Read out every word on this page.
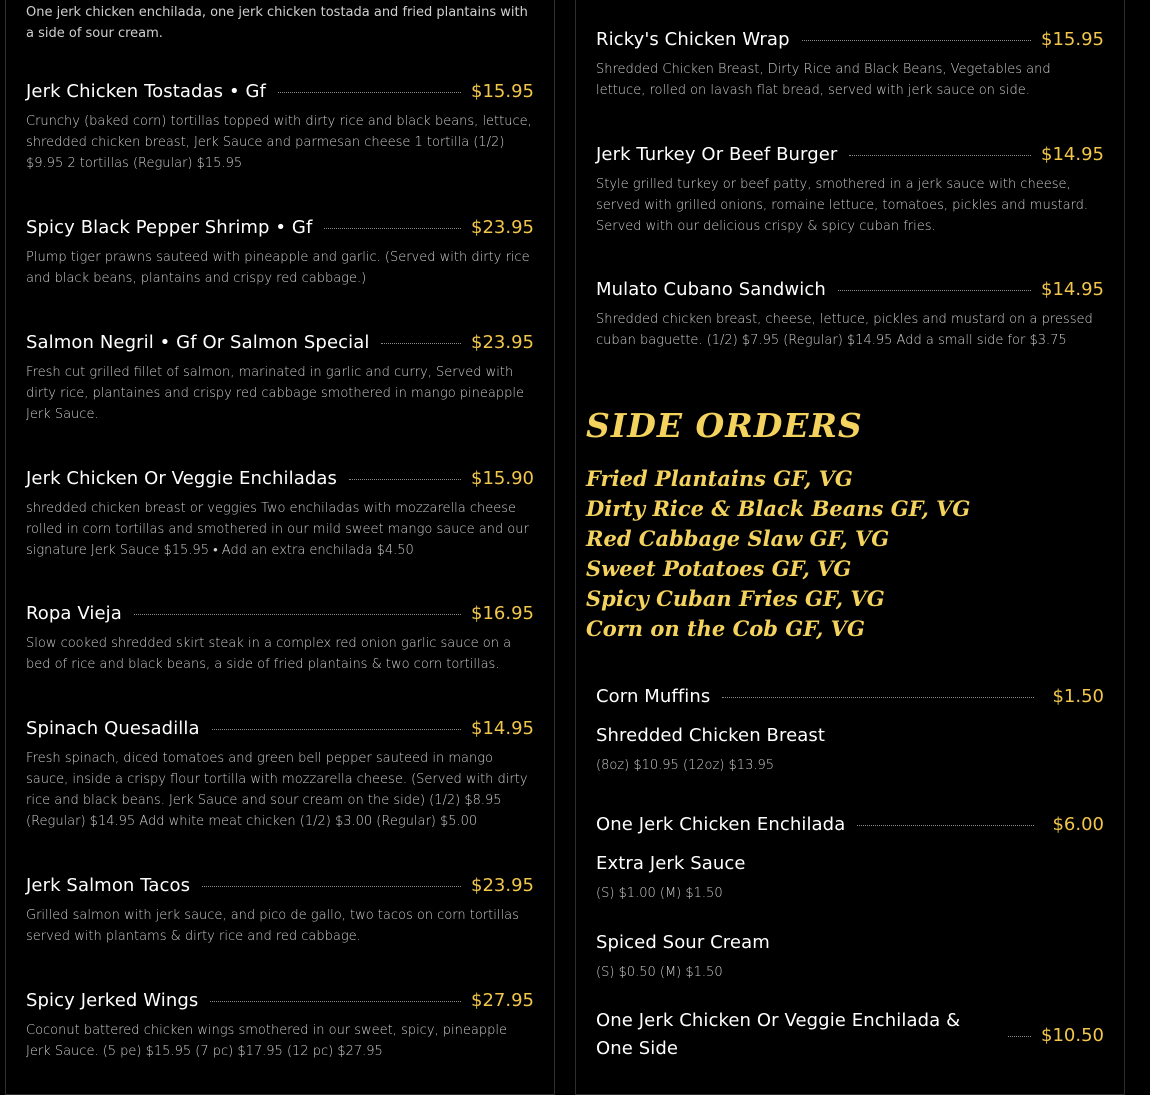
One jerk chicken enchilada, one jerk chicken tostada and fried plantains with a side of sour cream.
Jerk Chicken Tostadas • Gf	$15.95
Crunchy (baked corn) tortillas topped with dirty rice and black beans, lettuce, shredded chicken breast, Jerk Sauce and parmesan cheese 1 tortilla (1/2) $9.95 2 tortillas (Regular) $15.95
Spicy Black Pepper Shrimp • Gf	$23.95
Plump tiger prawns sauteed with pineapple and garlic. (Served with dirty rice and black beans, plantains and crispy red cabbage.)
Salmon Negril • Gf Or Salmon Special	$23.95
Fresh cut grilled fillet of salmon, marinated in garlic and curry, Served with dirty rice, plantaines and crispy red cabbage smothered in mango pineapple Jerk Sauce.
Jerk Chicken Or Veggie Enchiladas	$15.90
shredded chicken breast or veggies Two enchiladas with mozzarella cheese rolled in corn tortillas and smothered in our mild sweet mango sauce and our signature Jerk Sauce $15.95 • Add an extra enchilada $4.50
Ropa Vieja	$16.95
Slow cooked shredded skirt steak in a complex red onion garlic sauce on a bed of rice and black beans, a side of fried plantains & two corn tortillas.
Spinach Quesadilla	$14.95
Fresh spinach, diced tomatoes and green bell pepper sauteed in mango sauce, inside a crispy flour tortilla with mozzarella cheese. (Served with dirty rice and black beans. Jerk Sauce and sour cream on the side) (1/2) $8.95 (Regular) $14.95 Add white meat chicken (1/2) $3.00 (Regular) $5.00
Jerk Salmon Tacos	$23.95
Grilled salmon with jerk sauce, and pico de gallo, two tacos on corn tortillas served with plantams & dirty rice and red cabbage.
Spicy Jerked Wings	$27.95
Coconut battered chicken wings smothered in our sweet, spicy, pineapple Jerk Sauce. (5 pe) $15.95 (7 pc) $17.95 (12 pc) $27.95
Ricky's Chicken Wrap	$15.95
Shredded Chicken Breast, Dirty Rice and Black Beans, Vegetables and lettuce, rolled on lavash flat bread, served with jerk sauce on side.
Jerk Turkey Or Beef Burger	$14.95
Style grilled turkey or beef patty, smothered in a jerk sauce with cheese, served with grilled onions, romaine lettuce, tomatoes, pickles and mustard. Served with our delicious crispy & spicy cuban fries.
Mulato Cubano Sandwich	$14.95
Shredded chicken breast, cheese, lettuce, pickles and mustard on a pressed cuban baguette. (1/2) $7.95 (Regular) $14.95 Add a small side for $3.75
SIDE ORDERS
Fried Plantains GF, VG
Dirty Rice & Black Beans GF, VG
Red Cabbage Slaw GF, VG
Sweet Potatoes GF, VG
Spicy Cuban Fries GF, VG
Corn on the Cob GF, VG
Corn Muffins	$1.50
Shredded Chicken Breast
(8oz) $10.95 (12oz) $13.95
One Jerk Chicken Enchilada	$6.00
Extra Jerk Sauce
(S) $1.00 (M) $1.50
Spiced Sour Cream
(S) $0.50 (M) $1.50
One Jerk Chicken Or Veggie Enchilada & One Side
$10.50
